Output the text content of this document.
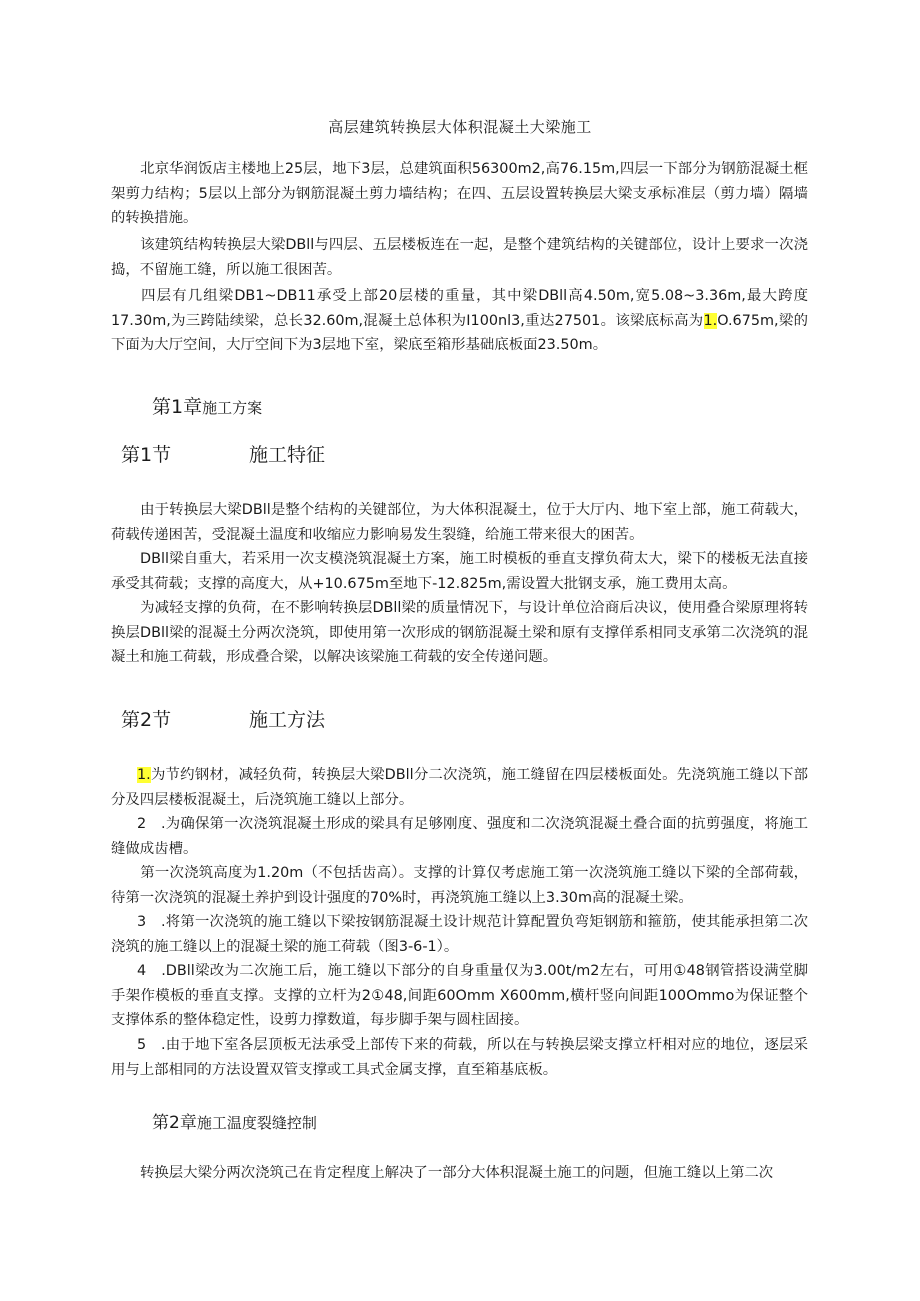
高层建筑转换层大体积混凝土大梁施工

北京华润饭店主楼地上25层，地下3层，总建筑面积56300m2,高76.15m,四层一下部分为钢筋混凝土框架剪力结构；5层以上部分为钢筋混凝土剪力墙结构；在四、五层设置转换层大梁支承标准层（剪力墙）隔墙的转换措施。

该建筑结构转换层大梁DBll与四层、五层楼板连在一起，是整个建筑结构的关键部位，设计上要求一次浇捣，不留施工缝，所以施工很困苦。

四层有几组梁DB1~DB11承受上部20层楼的重量，其中梁DBll高4.50m,宽5.08~3.36m,最大跨度17.30m,为三跨陆续梁，总长32.60m,混凝土总体积为I100nl3,重达27501。该梁底标高为1.O.675m,梁的下面为大厅空间，大厅空间下为3层地下室，梁底至箱形基础底板面23.50m。

第1章施工方案
第1节	施工特征

由于转换层大梁DBll是整个结构的关键部位，为大体积混凝土，位于大厅内、地下室上部，施工荷载大，荷载传递困苦，受混凝土温度和收缩应力影响易发生裂缝，给施工带来很大的困苦。

DBll梁自重大，若采用一次支模浇筑混凝土方案，施工时模板的垂直支撑负荷太大，梁下的楼板无法直接承受其荷载；支撑的高度大，从+10.675m至地下-12.825m,需设置大批钢支承，施工费用太高。

为减轻支撑的负荷，在不影响转换层DBll梁的质量情况下，与设计单位洽商后决议，使用叠合梁原理将转换层DBll梁的混凝土分两次浇筑，即使用第一次形成的钢筋混凝土梁和原有支撑佯系相同支承第二次浇筑的混凝土和施工荷载，形成叠合梁，以解决该梁施工荷载的安全传递问题。

第2节	施工方法

1.为节约钢材，减轻负荷，转换层大梁DBll分二次浇筑，施工缝留在四层楼板面处。先浇筑施工缝以下部分及四层楼板混凝土，后浇筑施工缝以上部分。

2　.为确保第一次浇筑混凝土形成的梁具有足够刚度、强度和二次浇筑混凝土叠合面的抗剪强度，将施工缝做成齿槽。

第一次浇筑高度为1.20m（不包括齿高）。支撑的计算仅考虑施工第一次浇筑施工缝以下梁的全部荷载，待第一次浇筑的混凝土养护到设计强度的70%时，再浇筑施工缝以上3.30m高的混凝土梁。

3　.将第一次浇筑的施工缝以下梁按钢筋混凝土设计规范计算配置负弯矩钢筋和箍筋，使其能承担第二次浇筑的施工缝以上的混凝土梁的施工荷载（图3-6-1）。

4　.DBll梁改为二次施工后，施工缝以下部分的自身重量仅为3.00t∕m2左右，可用①48钢管搭设满堂脚手架作模板的垂直支撑。支撑的立杆为2①48,间距60Omm X600mm,横杆竖向间距100Ommo为保证整个支撑体系的整体稳定性，设剪力撑数道，每步脚手架与圆柱固接。

5　.由于地下室各层顶板无法承受上部传下来的荷载，所以在与转换层梁支撑立杆相对应的地位，逐层采用与上部相同的方法设置双管支撑或工具式金属支撑，直至箱基底板。

第2章施工温度裂缝控制

转换层大梁分两次浇筑己在肯定程度上解决了一部分大体积混凝土施工的问题，但施工缝以上第二次
